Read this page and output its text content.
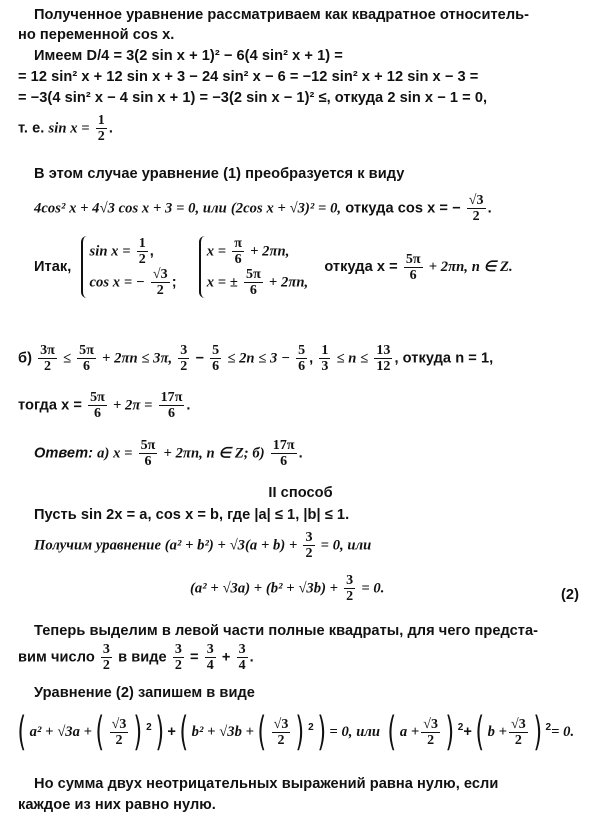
Полученное уравнение рассматриваем как квадратное относитель-
но переменной cos x.
Имеем D/4 = 3(2 sin x + 1)² − 6(4 sin² x + 1) =
= 12 sin² x + 12 sin x + 3 − 24 sin² x − 6 = −12 sin² x + 12 sin x − 3 =
= −3(4 sin² x − 4 sin x + 1) = −3(2 sin x − 1)² ≤, откуда 2 sin x − 1 = 0,
т. е. $\sin x = \frac{1}{2}$ .
В этом случае уравнение (1) преобразуется к виду
4cos² x + 4√3 cos x + 3 = 0, или (2cos x + √3)² = 0, откуда cos x = − $\frac{√3}{2}$ .
Итак,
$\sin x = \frac{1}{2}$ ,
cos x = − $\frac{√3}{2}$ ;

$x = \frac{\pi}{6} + 2\pi n$,
x = ± $\frac{5\pi}{6} + 2\pi n$,
откуда $x = \frac{5\pi}{6} + 2\pi n$, n ∈ Z.
$б) \frac{3\pi}{2} \le \frac{5\pi}{6} + 2\pi n \le 3\pi$, $\frac{3}{2} - \frac{5}{6} \le 2n \le 3 - \frac{5}{6}$ , $\frac{1}{3} \le n \le \frac{13}{12}$ , откуда n = 1,
тогда $x = \frac{5\pi}{6} + 2\pi = \frac{17\pi}{6}$ .
Ответ: а) $x = \frac{5\pi}{6} + 2\pi n$, n ∈ Z; $б) \frac{17\pi}{6}$ .
II способ
Пусть sin 2x = a, cos x = b, где |a| ≤ 1, |b| ≤ 1.
Получим уравнение $(a^2 + b^2) + √3(a + b) + \frac{3}{2} = 0$, или
$(a^2 + √3a) + (b^2 + √3b) + \frac{3}{2} = 0$.	(2)
Теперь выделим в левой части полные квадраты, для чего предста-
вим число $\frac{3}{2}$ в виде $\frac{3}{2} = \frac{3}{4} + \frac{3}{4}$ .
Уравнение (2) запишем в виде
( a² + √3a +( $\frac{√3}{2}$ ) $^2$) +( b² + √3b +( $\frac{√3}{2}$ ) $^2$) = 0, или ( $a + \frac{√3}{2}$ ) $^2$+( $b + \frac{√3}{2}$ ) $^2$= 0.
Но сумма двух неотрицательных выражений равна нулю, если
каждое из них равно нулю.
